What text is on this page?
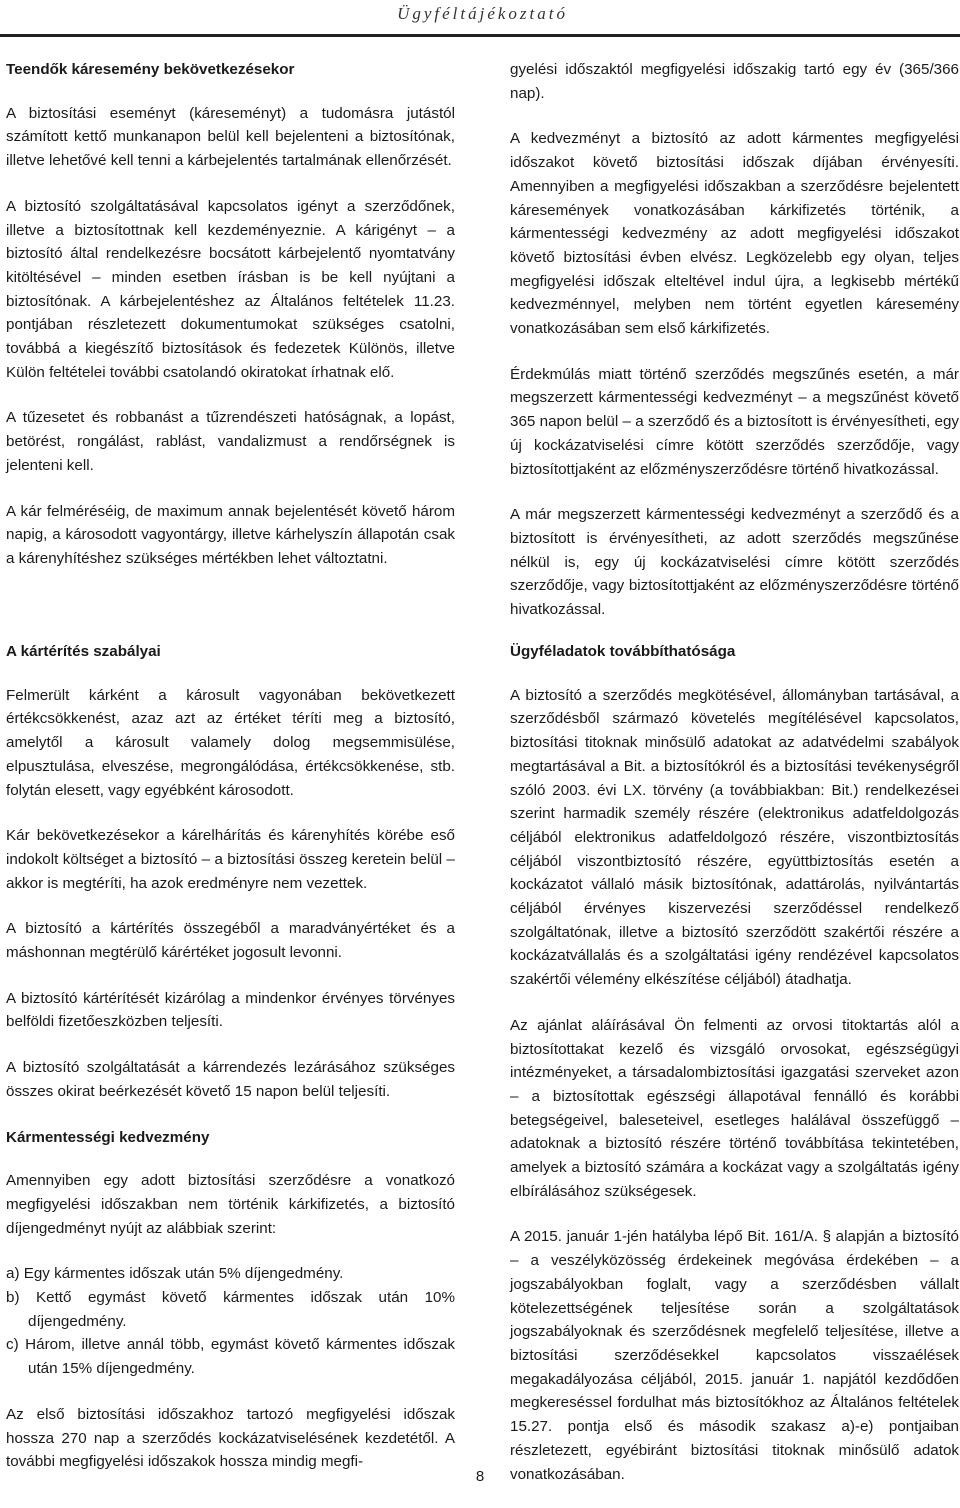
Ügyféltájékoztató
Teendők káresemény bekövetkezésekor

A biztosítási eseményt (káreseményt) a tudomásra jutástól számított kettő munkanapon belül kell bejelenteni a biztosítónak, illetve lehetővé kell tenni a kárbejelentés tartalmának ellenőrzését.

A biztosító szolgáltatásával kapcsolatos igényt a szerződőnek, illetve a biztosítottnak kell kezdeményeznie. A kárigényt – a biztosító által rendelkezésre bocsátott kárbejelentő nyomtatvány kitöltésével – minden esetben írásban is be kell nyújtani a biztosítónak. A kárbejelentéshez az Általános feltételek 11.23. pontjában részletezett dokumentumokat szükséges csatolni, továbbá a kiegészítő biztosítások és fedezetek Különös, illetve Külön feltételei további csatolandó okiratokat írhatnak elő.

A tűzesetet és robbanást a tűzrendészeti hatóságnak, a lopást, betörést, rongálást, rablást, vandalizmust a rendőrségnek is jelenteni kell.

A kár felméréséig, de maximum annak bejelentését követő három napig, a károsodott vagyontárgy, illetve kárhelyszín állapotán csak a kárenyhítéshez szükséges mértékben lehet változtatni.

gyelési időszaktól megfigyelési időszakig tartó egy év (365/366 nap).

A kedvezményt a biztosító az adott kármentes megfigyelési időszakot követő biztosítási időszak díjában érvényesíti. Amennyiben a megfigyelési időszakban a szerződésre bejelentett káresemények vonatkozásában kárkifizetés történik, a kármentességi kedvezmény az adott megfigyelési időszakot követő biztosítási évben elvész. Legközelebb egy olyan, teljes megfigyelési időszak elteltével indul újra, a legkisebb mértékű kedvezménnyel, melyben nem történt egyetlen káresemény vonatkozásában sem első kárkifizetés.

Érdekmúlás miatt történő szerződés megszűnés esetén, a már megszerzett kármentességi kedvezményt – a megszűnést követő 365 napon belül – a szerződő és a biztosított is érvényesítheti, egy új kockázatviselési címre kötött szerződés szerződője, vagy biztosítottjaként az előzményszerződésre történő hivatkozással.

A már megszerzett kármentességi kedvezményt a szerződő és a biztosított is érvényesítheti, az adott szerződés megszűnése nélkül is, egy új kockázatviselési címre kötött szerződés szerződője, vagy biztosítottjaként az előzményszerződésre történő hivatkozással.

A kártérítés szabályai

Felmerült kárként a károsult vagyonában bekövetkezett értékcsökkenést, azaz azt az értéket téríti meg a biztosító, amelytől a károsult valamely dolog megsemmisülése, elpusztulása, elveszése, megrongálódása, értékcsökkenése, stb. folytán elesett, vagy egyébként károsodott.

Kár bekövetkezésekor a kárelhárítás és kárenyhítés körébe eső indokolt költséget a biztosító – a biztosítási összeg keretein belül – akkor is megtéríti, ha azok eredményre nem vezettek.

A biztosító a kártérítés összegéből a maradványértéket és a máshonnan megtérülő kárértéket jogosult levonni.

A biztosító kártérítését kizárólag a mindenkor érvényes törvényes belföldi fizetőeszközben teljesíti.

A biztosító szolgáltatását a kárrendezés lezárásához szükséges összes okirat beérkezését követő 15 napon belül teljesíti.

Kármentességi kedvezmény

Amennyiben egy adott biztosítási szerződésre a vonatkozó megfigyelési időszakban nem történik kárkifizetés, a biztosító díjengedményt nyújt az alábbiak szerint:

a) Egy kármentes időszak után 5% díjengedmény.
b) Kettő egymást követő kármentes időszak után 10% díjengedmény.
c) Három, illetve annál több, egymást követő kármentes időszak után 15% díjengedmény.

Az első biztosítási időszakhoz tartozó megfigyelési időszak hossza 270 nap a szerződés kockázatviselésének kezdetétől. A további megfigyelési időszakok hossza mindig megfi-

Ügyféladatok továbbíthatósága

A biztosító a szerződés megkötésével, állományban tartásával, a szerződésből származó követelés megítélésével kapcsolatos, biztosítási titoknak minősülő adatokat az adatvédelmi szabályok megtartásával a Bit. a biztosítókról és a biztosítási tevékenységről szóló 2003. évi LX. törvény (a továbbiakban: Bit.) rendelkezései szerint harmadik személy részére (elektronikus adatfeldolgozás céljából elektronikus adatfeldolgozó részére, viszontbiztosítás céljából viszontbiztosító részére, együttbiztosítás esetén a kockázatot vállaló másik biztosítónak, adattárolás, nyilvántartás céljából érvényes kiszervezési szerződéssel rendelkező szolgáltatónak, illetve a biztosító szerződött szakértői részére a kockázatvállalás és a szolgáltatási igény rendézével kapcsolatos szakértői vélemény elkészítése céljából) átadhatja.

Az ajánlat aláírásával Ön felmenti az orvosi titoktartás alól a biztosítottakat kezelő és vizsgáló orvosokat, egészségügyi intézményeket, a társadalombiztosítási igazgatási szerveket azon – a biztosítottak egészségi állapotával fennálló és korábbi betegségeivel, baleseteivel, esetleges halálával összefüggő – adatoknak a biztosító részére történő továbbítása tekintetében, amelyek a biztosító számára a kockázat vagy a szolgáltatás igény elbírálásához szükségesek.

A 2015. január 1-jén hatályba lépő Bit. 161/A. § alapján a biztosító – a veszélyközösség érdekeinek megóvása érdekében – a jogszabályokban foglalt, vagy a szerződésben vállalt kötelezettségének teljesítése során a szolgáltatások jogszabályoknak és szerződésnek megfelelő teljesítése, illetve a biztosítási szerződésekkel kapcsolatos visszaélések megakadályozása céljából, 2015. január 1. napjától kezdődően megkereséssel fordulhat más biztosítókhoz az Általános feltételek 15.27. pontja első és második szakasz a)-e) pontjaiban részletezett, egyébiránt biztosítási titoknak minősülő adatok vonatkozásában.

8
